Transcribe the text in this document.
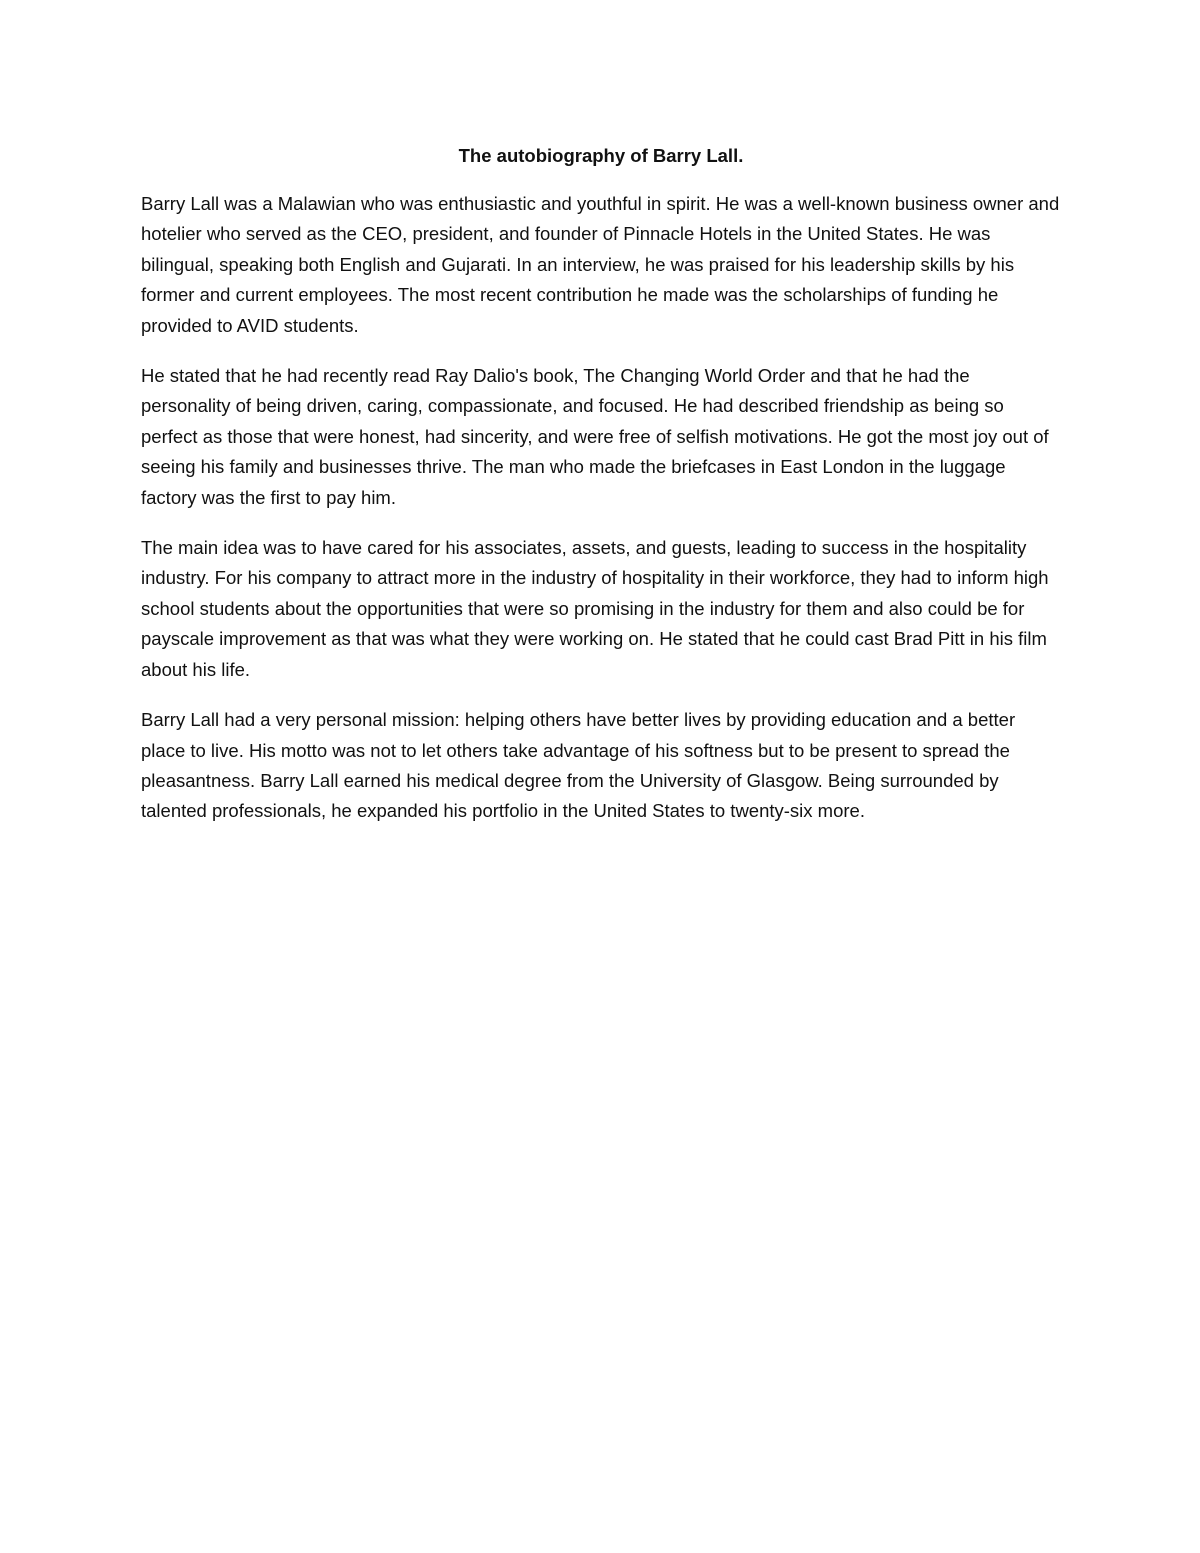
The autobiography of Barry Lall.

Barry Lall was a Malawian who was enthusiastic and youthful in spirit. He was a well-known business owner and hotelier who served as the CEO, president, and founder of Pinnacle Hotels in the United States. He was bilingual, speaking both English and Gujarati. In an interview, he was praised for his leadership skills by his former and current employees. The most recent contribution he made was the scholarships of funding he provided to AVID students.

He stated that he had recently read Ray Dalio's book, The Changing World Order and that he had the personality of being driven, caring, compassionate, and focused. He had described friendship as being so perfect as those that were honest, had sincerity, and were free of selfish motivations. He got the most joy out of seeing his family and businesses thrive. The man who made the briefcases in East London in the luggage factory was the first to pay him.

The main idea was to have cared for his associates, assets, and guests, leading to success in the hospitality industry. For his company to attract more in the industry of hospitality in their workforce, they had to inform high school students about the opportunities that were so promising in the industry for them and also could be for payscale improvement as that was what they were working on. He stated that he could cast Brad Pitt in his film about his life.

Barry Lall had a very personal mission: helping others have better lives by providing education and a better place to live. His motto was not to let others take advantage of his softness but to be present to spread the pleasantness. Barry Lall earned his medical degree from the University of Glasgow. Being surrounded by talented professionals, he expanded his portfolio in the United States to twenty-six more.
